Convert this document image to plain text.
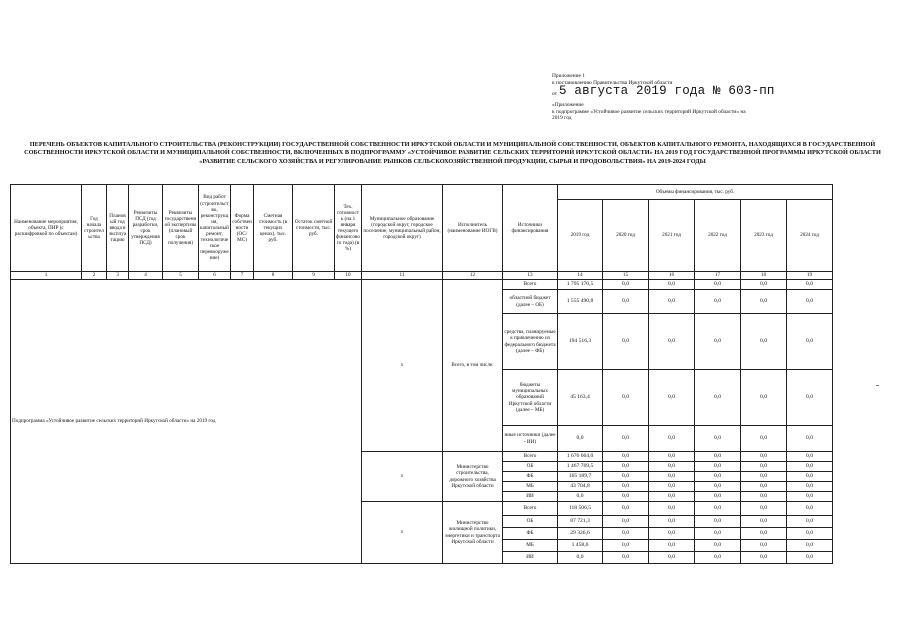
Приложение 1
к постановлению Правительства Иркутской области
от 5 августа 2019 года № 603-пп
«Приложение
к подпрограмме «Устойчивое развитие сельских территорий Иркутской области» на
2019 год
ПЕРЕЧЕНЬ ОБЪЕКТОВ КАПИТАЛЬНОГО СТРОИТЕЛЬСТВА (РЕКОНСТРУКЦИИ) ГОСУДАРСТВЕННОЙ СОБСТВЕННОСТИ ИРКУТСКОЙ ОБЛАСТИ И МУНИЦИПАЛЬНОЙ СОБСТВЕННОСТИ, ОБЪЕКТОВ КАПИТАЛЬНОГО РЕМОНТА, НАХОДЯЩИХСЯ В ГОСУДАРСТВЕННОЙ СОБСТВЕННОСТИ ИРКУТСКОЙ ОБЛАСТИ И МУНИЦИПАЛЬНОЙ СОБСТВЕННОСТИ, ВКЛЮЧЕННЫХ В ПОДПРОГРАММУ «УСТОЙЧИВОЕ РАЗВИТИЕ СЕЛЬСКИХ ТЕРРИТОРИЙ ИРКУТСКОЙ ОБЛАСТИ» НА 2019 ГОД ГОСУДАРСТВЕННОЙ ПРОГРАММЫ ИРКУТСКОЙ ОБЛАСТИ «РАЗВИТИЕ СЕЛЬСКОГО ХОЗЯЙСТВА И РЕГУЛИРОВАНИЕ РЫНКОВ СЕЛЬСКОХОЗЯЙСТВЕННОЙ ПРОДУКЦИИ, СЫРЬЯ И ПРОДОВОЛЬСТВИЯ» НА 2019-2024 ГОДЫ
Наименование мероприятия, объекта, ПИР (с расшифровкой по объектам)	Год начала строительства	Плановый год ввода в эксплуатацию	Реквизиты ПСД (год разработки, срок утверждения ПСД)	Реквизиты государственной экспертизы (плановый срок получения)	Вид работ (строительство, реконструкция, капитальный ремонт, технологическое перевооружение)	Форма собственности (ОС/МС)	Сметная стоимость (в текущих ценах), тыс. руб.	Остаток сметной стоимости, тыс. руб.	Тех. готовность (на 1 января текущего финансового года) (в %)	Муниципальное образование (городской округ, городское поселение, муниципальный район, городской округ)	Исполнитель (наименование ИОГВ)	Источники финансирования	Объемы финансирования, тыс. руб.					
													2019 год	2020 год	2021 год	2022 год	2023 год	2024 год
1	2	3	4	5	6	7	8	9	10	11	12	13	14	15	16	17	18	19
Подпрограмма «Устойчивое развитие сельских территорий Иркутской области» на 2019 год										x	Всего, в том числе:	Всего	1 795 170,5	0,0	0,0	0,0	0,0	0,0
												областной бюджет (далее – ОБ)	1 555 490,8	0,0	0,0	0,0	0,0	0,0
												средства, планируемые к привлечению из федерального бюджета (далее – ФБ)	194 516,3	0,0	0,0	0,0	0,0	0,0
												бюджеты муниципальных образований Иркутской области (далее – МБ)	45 163,4	0,0	0,0	0,0	0,0	0,0
												иные источники (далее - ИИ)	0,0	0,0	0,0	0,0	0,0	0,0
										x	Министерство строительства, дорожного хозяйства Иркутской области	Всего	1 676 664,0	0,0	0,0	0,0	0,0	0,0
												ОБ	1 467 769,5	0,0	0,0	0,0	0,0	0,0
												ФБ	165 189,7	0,0	0,0	0,0	0,0	0,0
												МБ	43 704,8	0,0	0,0	0,0	0,0	0,0
												ИИ	0,0	0,0	0,0	0,0	0,0	0,0
										x	Министерство жилищной политики, энергетики и транспорта Иркутской области	Всего	118 506,5	0,0	0,0	0,0	0,0	0,0
												ОБ	87 721,3	0,0	0,0	0,0	0,0	0,0
												ФБ	29 326,6	0,0	0,0	0,0	0,0	0,0
												МБ	1 458,6	0,0	0,0	0,0	0,0	0,0
												ИИ	0,0	0,0	0,0	0,0	0,0	0,0
